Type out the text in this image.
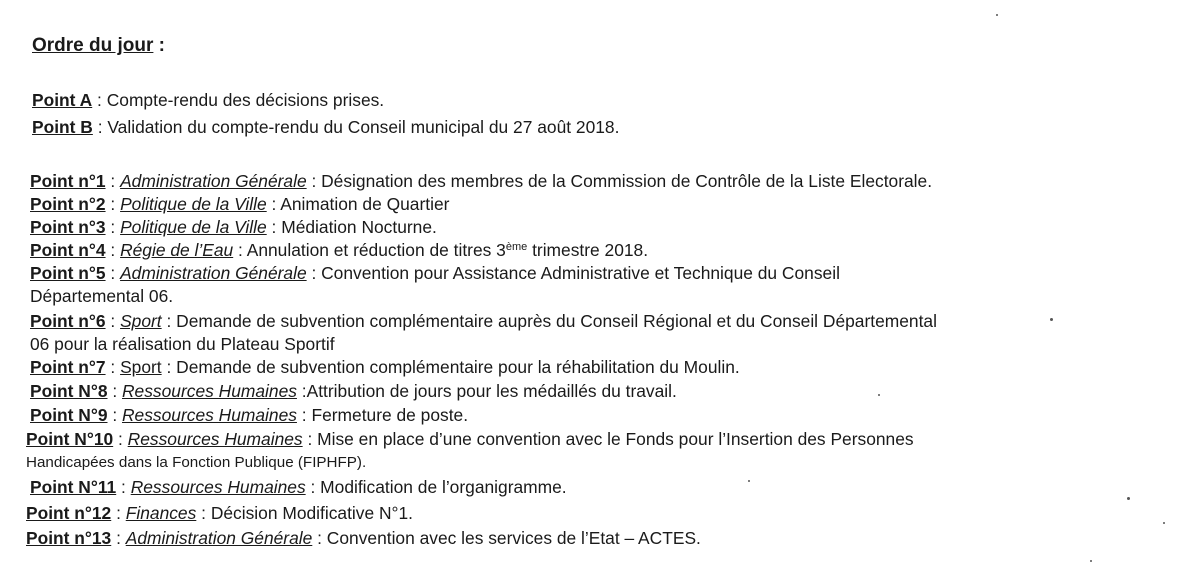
Ordre du jour :
Point A : Compte-rendu des décisions prises.
Point B : Validation du compte-rendu du Conseil municipal du 27 août 2018.
Point n°1 : Administration Générale : Désignation des membres de la Commission de Contrôle de la Liste Electorale.
Point n°2 : Politique de la Ville : Animation de Quartier
Point n°3 : Politique de la Ville : Médiation Nocturne.
Point n°4 : Régie de l’Eau : Annulation et réduction de titres 3ème trimestre 2018.
Point n°5 : Administration Générale : Convention pour Assistance Administrative et Technique du Conseil
Départemental 06.
Point n°6 : Sport : Demande de subvention complémentaire auprès du Conseil Régional et du Conseil Départemental
06 pour la réalisation du Plateau Sportif
Point n°7 : Sport : Demande de subvention complémentaire pour la réhabilitation du Moulin.
Point N°8 : Ressources Humaines :Attribution de jours pour les médaillés du travail.
Point N°9 : Ressources Humaines : Fermeture de poste.
Point N°10 : Ressources Humaines : Mise en place d’une convention avec le Fonds pour l’Insertion des Personnes
Handicapées dans la Fonction Publique (FIPHFP).
Point N°11 : Ressources Humaines : Modification de l’organigramme.
Point n°12 : Finances : Décision Modificative N°1.
Point n°13 : Administration Générale : Convention avec les services de l’Etat – ACTES.
